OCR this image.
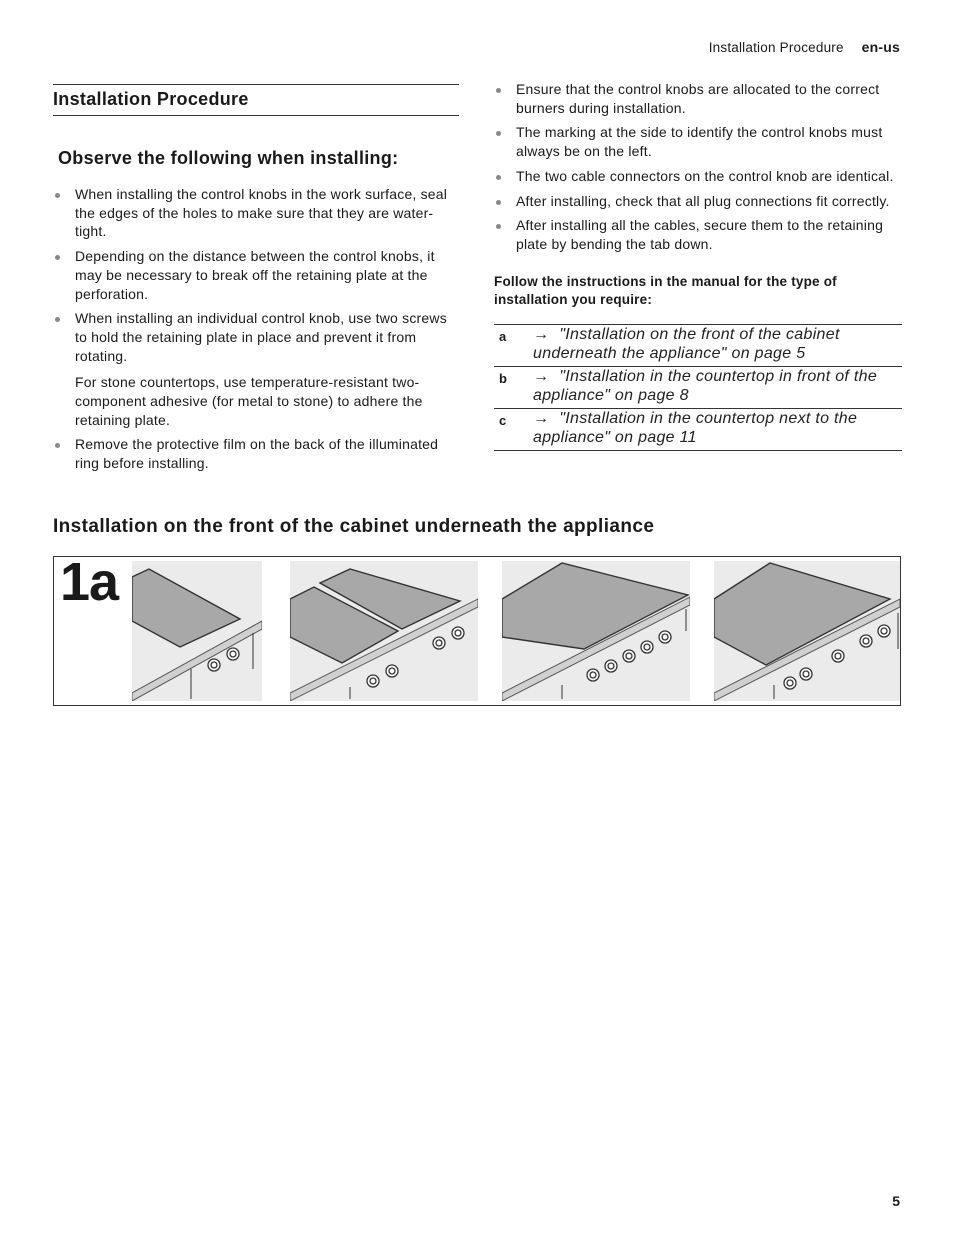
Installation Procedure en-us
Installation Procedure
Observe the following when installing:

When installing the control knobs in the work surface, seal the edges of the holes to make sure that they are water-tight.

Depending on the distance between the control knobs, it may be necessary to break off the retaining plate at the perforation.

When installing an individual control knob, use two screws to hold the retaining plate in place and prevent it from rotating.

For stone countertops, use temperature-resistant two-component adhesive (for metal to stone) to adhere the retaining plate.

Remove the protective film on the back of the illuminated ring before installing.

Ensure that the control knobs are allocated to the correct burners during installation.

The marking at the side to identify the control knobs must always be on the left.

The two cable connectors on the control knob are identical.

After installing, check that all plug connections fit correctly.

After installing all the cables, secure them to the retaining plate by bending the tab down.

Follow the instructions in the manual for the type of installation you require:
a	→ "Installation on the front of the cabinet underneath the appliance" on page 5
b	→ "Installation in the countertop in front of the appliance" on page 8
c	→ "Installation in the countertop next to the appliance" on page 11
Installation on the front of the cabinet underneath the appliance
1a
5
